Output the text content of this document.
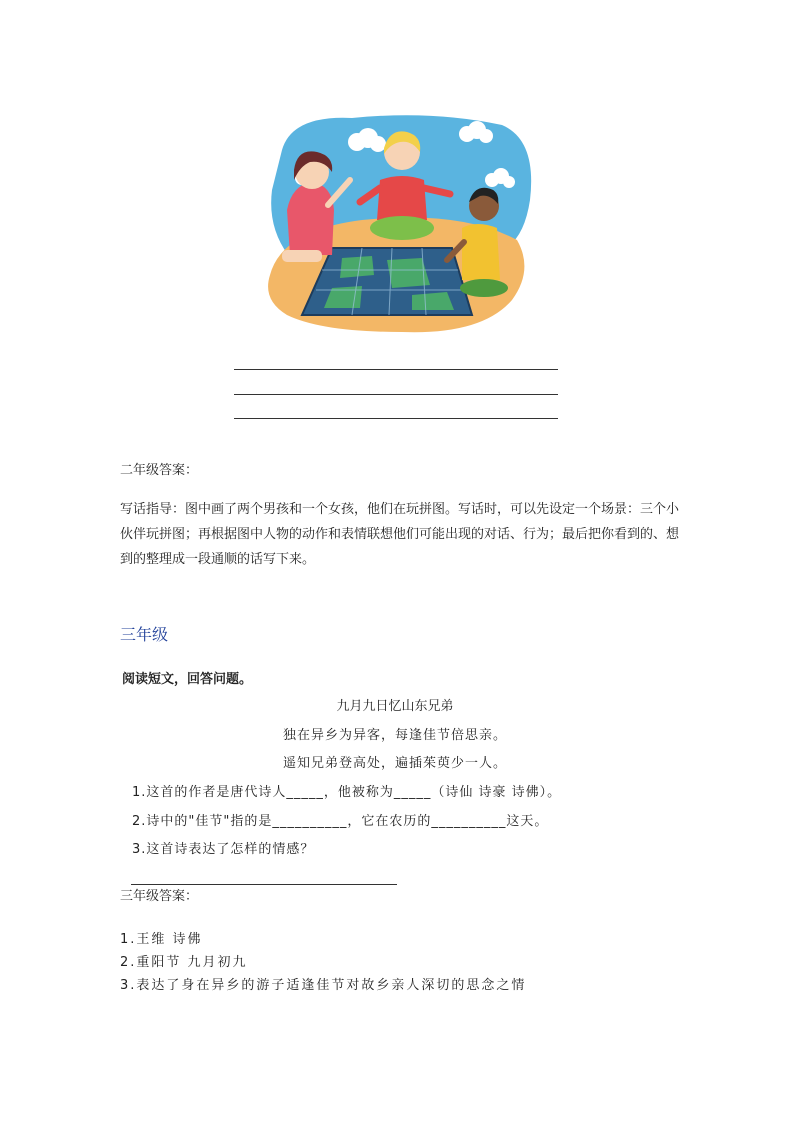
二年级答案：
写话指导：图中画了两个男孩和一个女孩，他们在玩拼图。写话时，可以先设定一个场景：三个小伙伴玩拼图；再根据图中人物的动作和表情联想他们可能出现的对话、行为；最后把你看到的、想到的整理成一段通顺的话写下来。
三年级
阅读短文，回答问题。
九月九日忆山东兄弟
独在异乡为异客，每逢佳节倍思亲。
遥知兄弟登高处，遍插茱萸少一人。
1.这首的作者是唐代诗人_____，他被称为_____（诗仙 诗豪 诗佛）。
2.诗中的"佳节"指的是__________，它在农历的__________这天。
3.这首诗表达了怎样的情感？
三年级答案：
1.王维 诗佛
2.重阳节 九月初九
3.表达了身在异乡的游子适逢佳节对故乡亲人深切的思念之情
